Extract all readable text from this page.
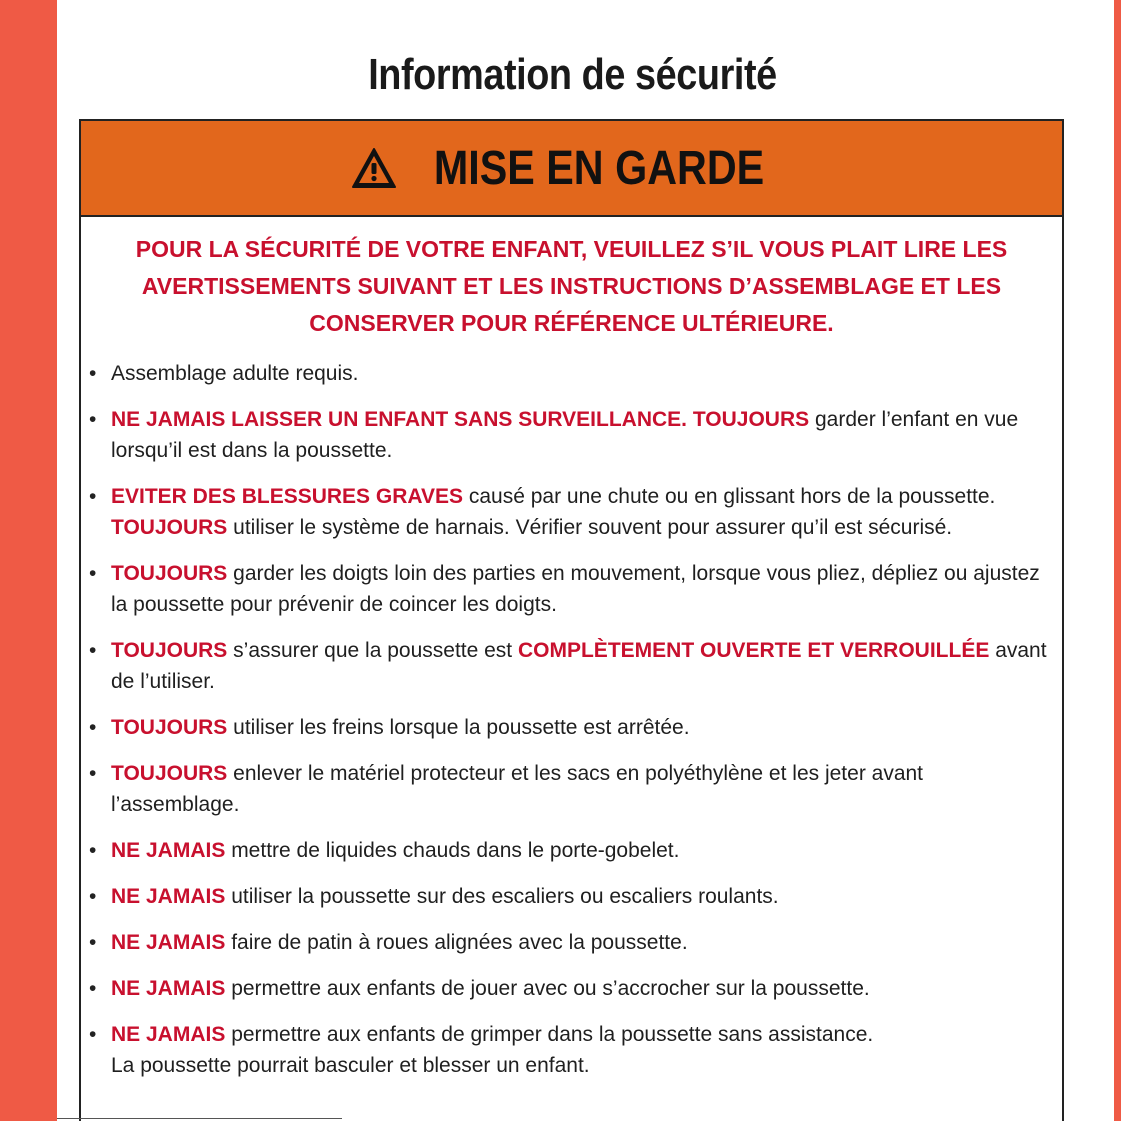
Information de sécurité
MISE EN GARDE
POUR LA SÉCURITÉ DE VOTRE ENFANT, VEUILLEZ S’IL VOUS PLAIT LIRE LES AVERTISSEMENTS SUIVANT ET LES INSTRUCTIONS D’ASSEMBLAGE ET LES CONSERVER POUR RÉFÉRENCE ULTÉRIEURE.
• Assemblage adulte requis.
• NE JAMAIS LAISSER UN ENFANT SANS SURVEILLANCE. TOUJOURS garder l’enfant en vue lorsqu’il est dans la poussette.
• EVITER DES BLESSURES GRAVES causé par une chute ou en glissant hors de la poussette.
TOUJOURS utiliser le système de harnais. Vérifier souvent pour assurer qu’il est sécurisé.
• TOUJOURS garder les doigts loin des parties en mouvement, lorsque vous pliez, dépliez ou ajustez la poussette pour prévenir de coincer les doigts.
• TOUJOURS s’assurer que la poussette est COMPLÈTEMENT OUVERTE ET VERROUILLÉE avant de l’utiliser.
• TOUJOURS utiliser les freins lorsque la poussette est arrêtée.
• TOUJOURS enlever le matériel protecteur et les sacs en polyéthylène et les jeter avant l’assemblage.
• NE JAMAIS mettre de liquides chauds dans le porte-gobelet.
• NE JAMAIS utiliser la poussette sur des escaliers ou escaliers roulants.
• NE JAMAIS faire de patin à roues alignées avec la poussette.
• NE JAMAIS permettre aux enfants de jouer avec ou s’accrocher sur la poussette.
• NE JAMAIS permettre aux enfants de grimper dans la poussette sans assistance.
La poussette pourrait basculer et blesser un enfant.
